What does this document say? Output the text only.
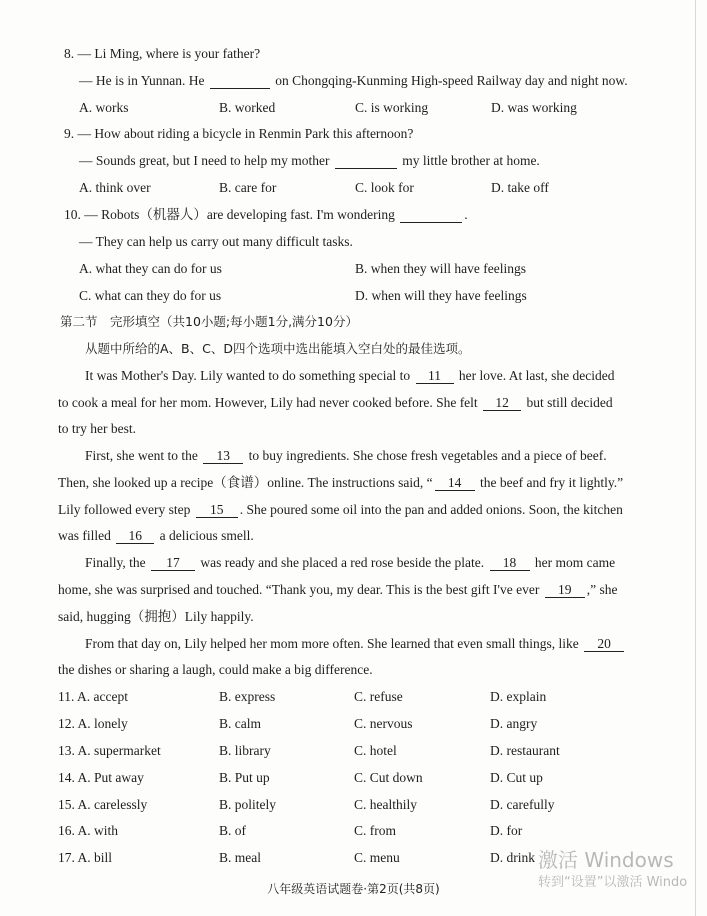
8. — Li Ming, where is your father?
— He is in Yunnan. He	on Chongqing-Kunming High-speed Railway day and night now.
A. works	B. worked	C. is working	D. was working
9. — How about riding a bicycle in Renmin Park this afternoon?
— Sounds great, but I need to help my mother	my little brother at home.
A. think over	B. care for	C. look for	D. take off
10. — Robots（机器人）are developing fast. I'm wondering	.
— They can help us carry out many difficult tasks.
A. what they can do for us	B. when they will have feelings
C. what can they do for us	D. when will they have feelings
第二节　完形填空（共10小题;每小题1分,满分10分）
从题中所给的A、B、C、D四个选项中选出能填入空白处的最佳选项。
It was Mother's Day. Lily wanted to do something special to 11 her love. At last, she decided
to cook a meal for her mom. However, Lily had never cooked before. She felt 12 but still decided
to try her best.
First, she went to the 13 to buy ingredients. She chose fresh vegetables and a piece of beef.
Then, she looked up a recipe（食谱）online. The instructions said, “ 14 the beef and fry it lightly.”
Lily followed every step 15 . She poured some oil into the pan and added onions. Soon, the kitchen
was filled 16 a delicious smell.
Finally, the 17 was ready and she placed a red rose beside the plate. 18 her mom came
home, she was surprised and touched. “Thank you, my dear. This is the best gift I've ever 19 ,” she
said, hugging（拥抱）Lily happily.
From that day on, Lily helped her mom more often. She learned that even small things, like 20
the dishes or sharing a laugh, could make a big difference.
11. A. accept	B. express	C. refuse	D. explain
12. A. lonely	B. calm	C. nervous	D. angry
13. A. supermarket	B. library	C. hotel	D. restaurant
14. A. Put away	B. Put up	C. Cut down	D. Cut up
15. A. carelessly	B. politely	C. healthily	D. carefully
16. A. with	B. of	C. from	D. for
17. A. bill	B. meal	C. menu	D. drink
八年级英语试题卷·第2页(共8页)
激活 Windows
转到“设置”以激活 Windo
